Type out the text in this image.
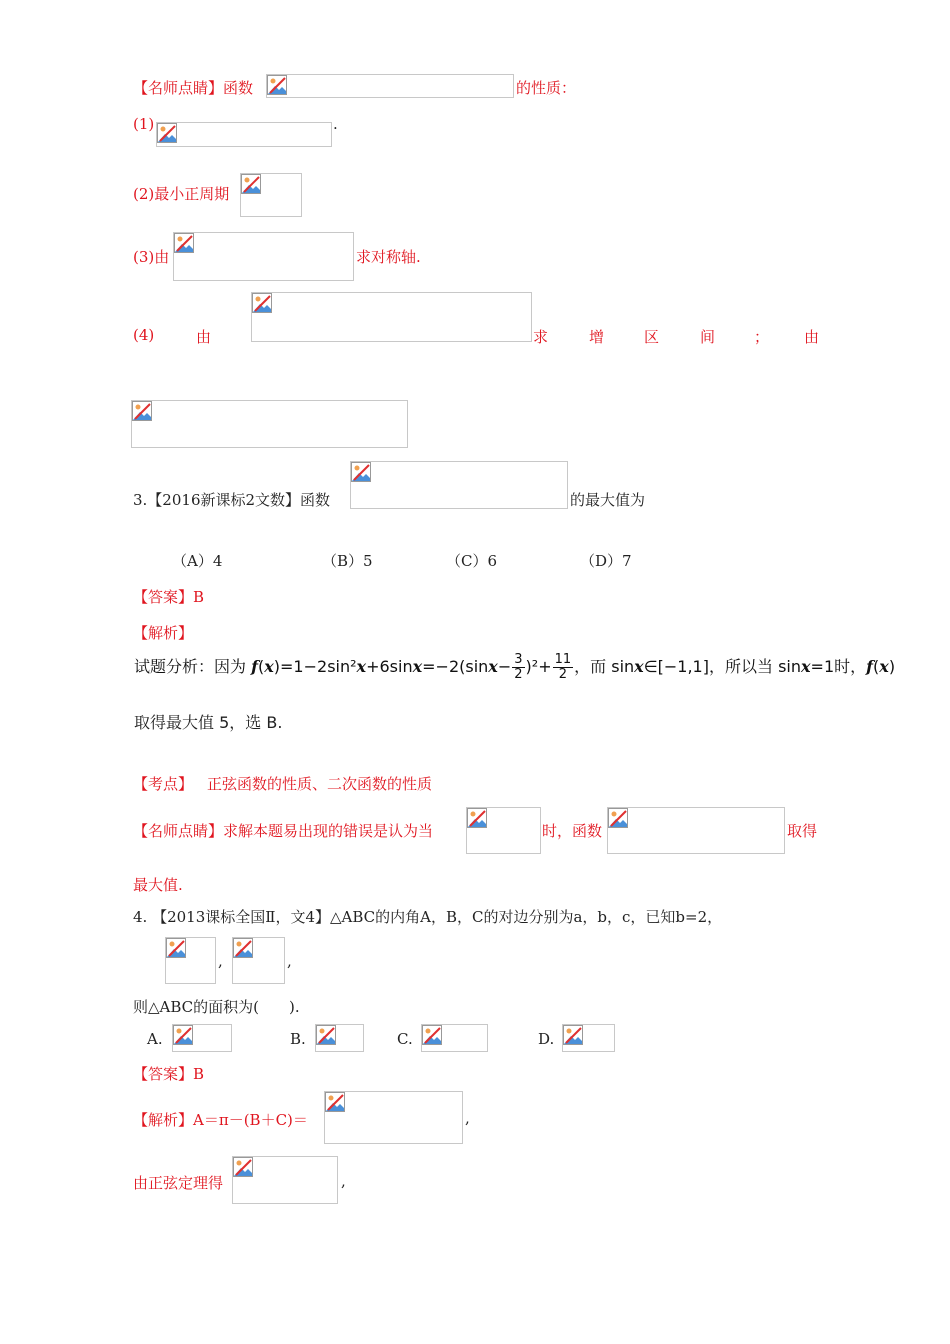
【名师点睛】函数	的性质：
(1)	.
(2)最小正周期
(3)由	求对称轴.
(4)	由	求	增	区	间	； 由
3.【2016新课标2文数】函数	的最大值为
（A）4	（B）5	（C）6	（D）7
【答案】B
【解析】
试题分析：因为 $f(x)=1-2\sin^2x+6\sin x=-2(\sin x- \frac{3}{2} )^2+ \frac{11}{2}$ ，而 sinx∈[−1,1]，所以当 sinx=1时，f(x)
取得最大值 5，选 B.
【考点】 正弦函数的性质、二次函数的性质
【名师点睛】求解本题易出现的错误是认为当	时，函数	取得
最大值.
4. 【2013课标全国Ⅱ，文4】△ABC的内角A，B，C的对边分别为a，b，c，已知b=2，
,	,
则△ABC的面积为(　　).
A.	B.	C.	D.
【答案】B
【解析】A＝π－(B＋C)＝	,
由正弦定理得	,
